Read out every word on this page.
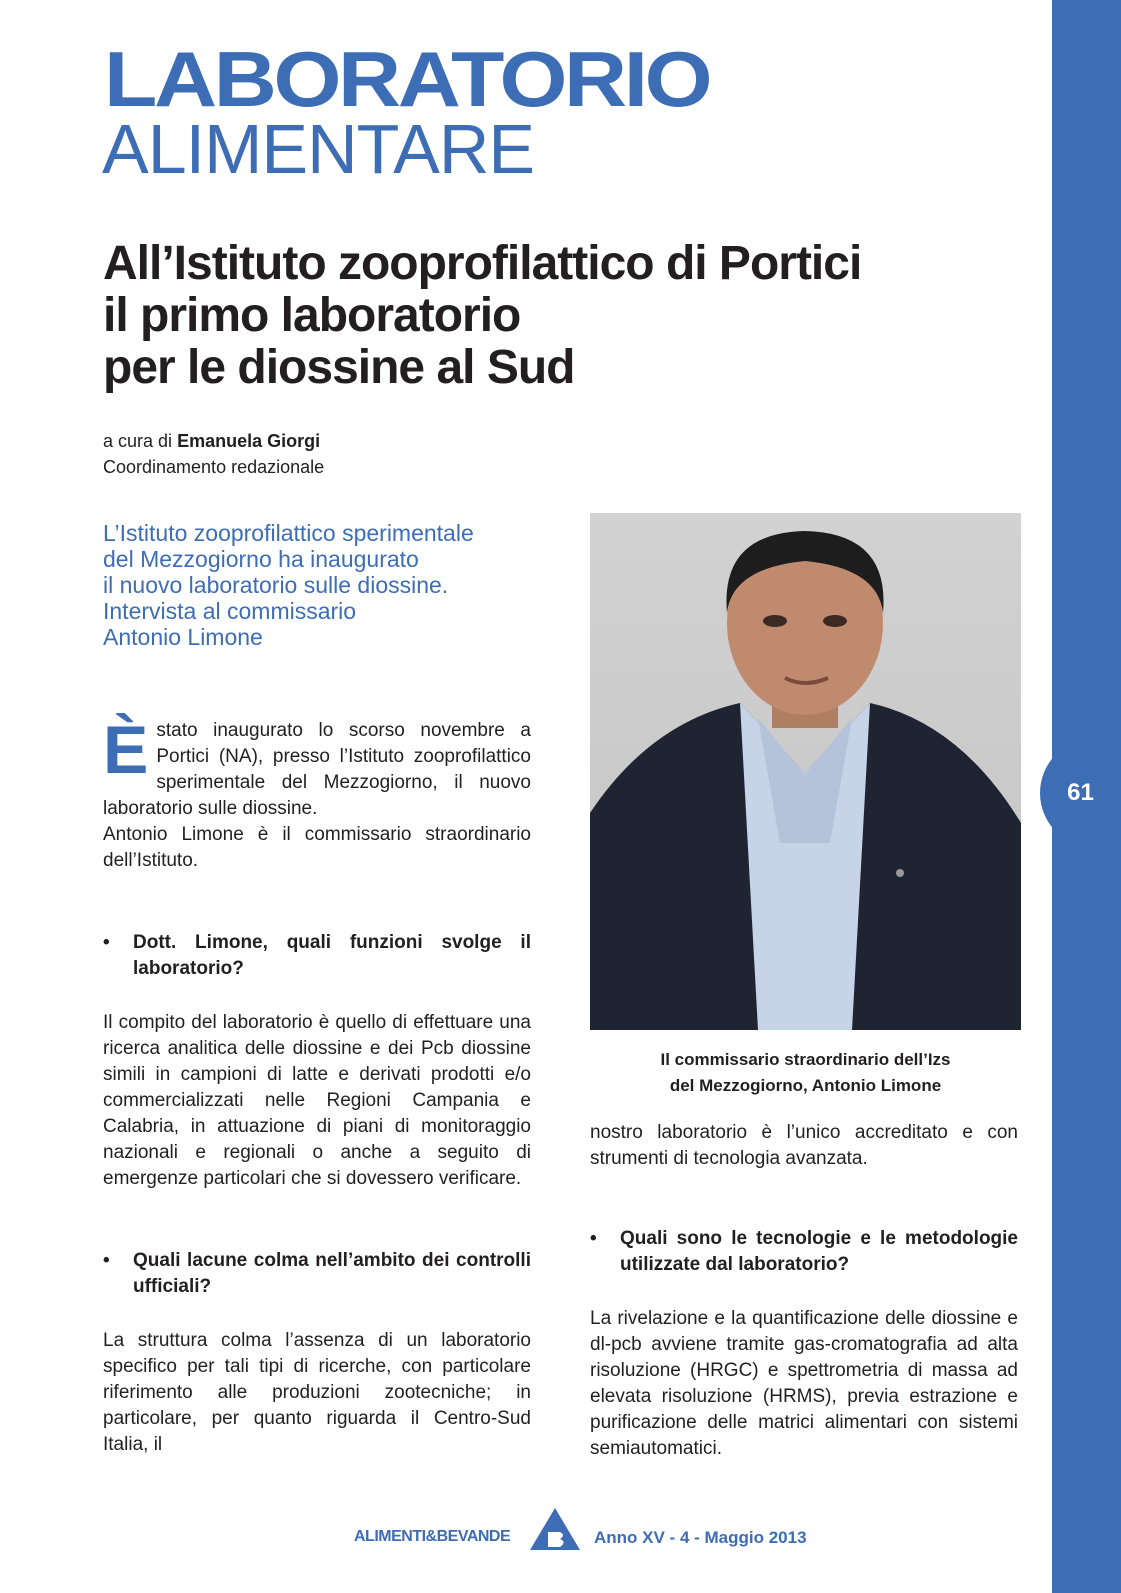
61
LABORATORIO
ALIMENTARE
All’Istituto zooprofilattico di Portici
il primo laboratorio
per le diossine al Sud
a cura di Emanuela Giorgi
Coordinamento redazionale

L’Istituto zooprofilattico sperimentale
del Mezzogiorno ha inaugurato
il nuovo laboratorio sulle diossine.
Intervista al commissario
Antonio Limone

È stato inaugurato lo scorso novembre a Portici (NA), presso l’Istituto zooprofilattico sperimentale del Mezzogiorno, il nuovo laboratorio sulle diossine.

Antonio Limone è il commissario straordinario dell’Istituto.

• Dott. Limone, quali funzioni svolge il laboratorio?

Il compito del laboratorio è quello di effettuare una ricerca analitica delle diossine e dei Pcb diossine simili in campioni di latte e derivati prodotti e/o commercializzati nelle Regioni Campania e Calabria, in attuazione di piani di monitoraggio nazionali e regionali o anche a seguito di emergenze particolari che si dovessero verificare.

• Quali lacune colma nell’ambito dei controlli ufficiali?

La struttura colma l’assenza di un laboratorio specifico per tali tipi di ricerche, con particolare riferimento alle produzioni zootecniche; in particolare, per quanto riguarda il Centro-Sud Italia, il

Il commissario straordinario dell’Izs
del Mezzogiorno, Antonio Limone

nostro laboratorio è l’unico accreditato e con strumenti di tecnologia avanzata.

• Quali sono le tecnologie e le metodologie utilizzate dal laboratorio?

La rivelazione e la quantificazione delle diossine e dl-pcb avviene tramite gas-cromatografia ad alta risoluzione (HRGC) e spettrometria di massa ad elevata risoluzione (HRMS), previa estrazione e purificazione delle matrici alimentari con sistemi semiautomatici.

ALIMENTI&BEVANDE	Anno XV - 4 - Maggio 2013
